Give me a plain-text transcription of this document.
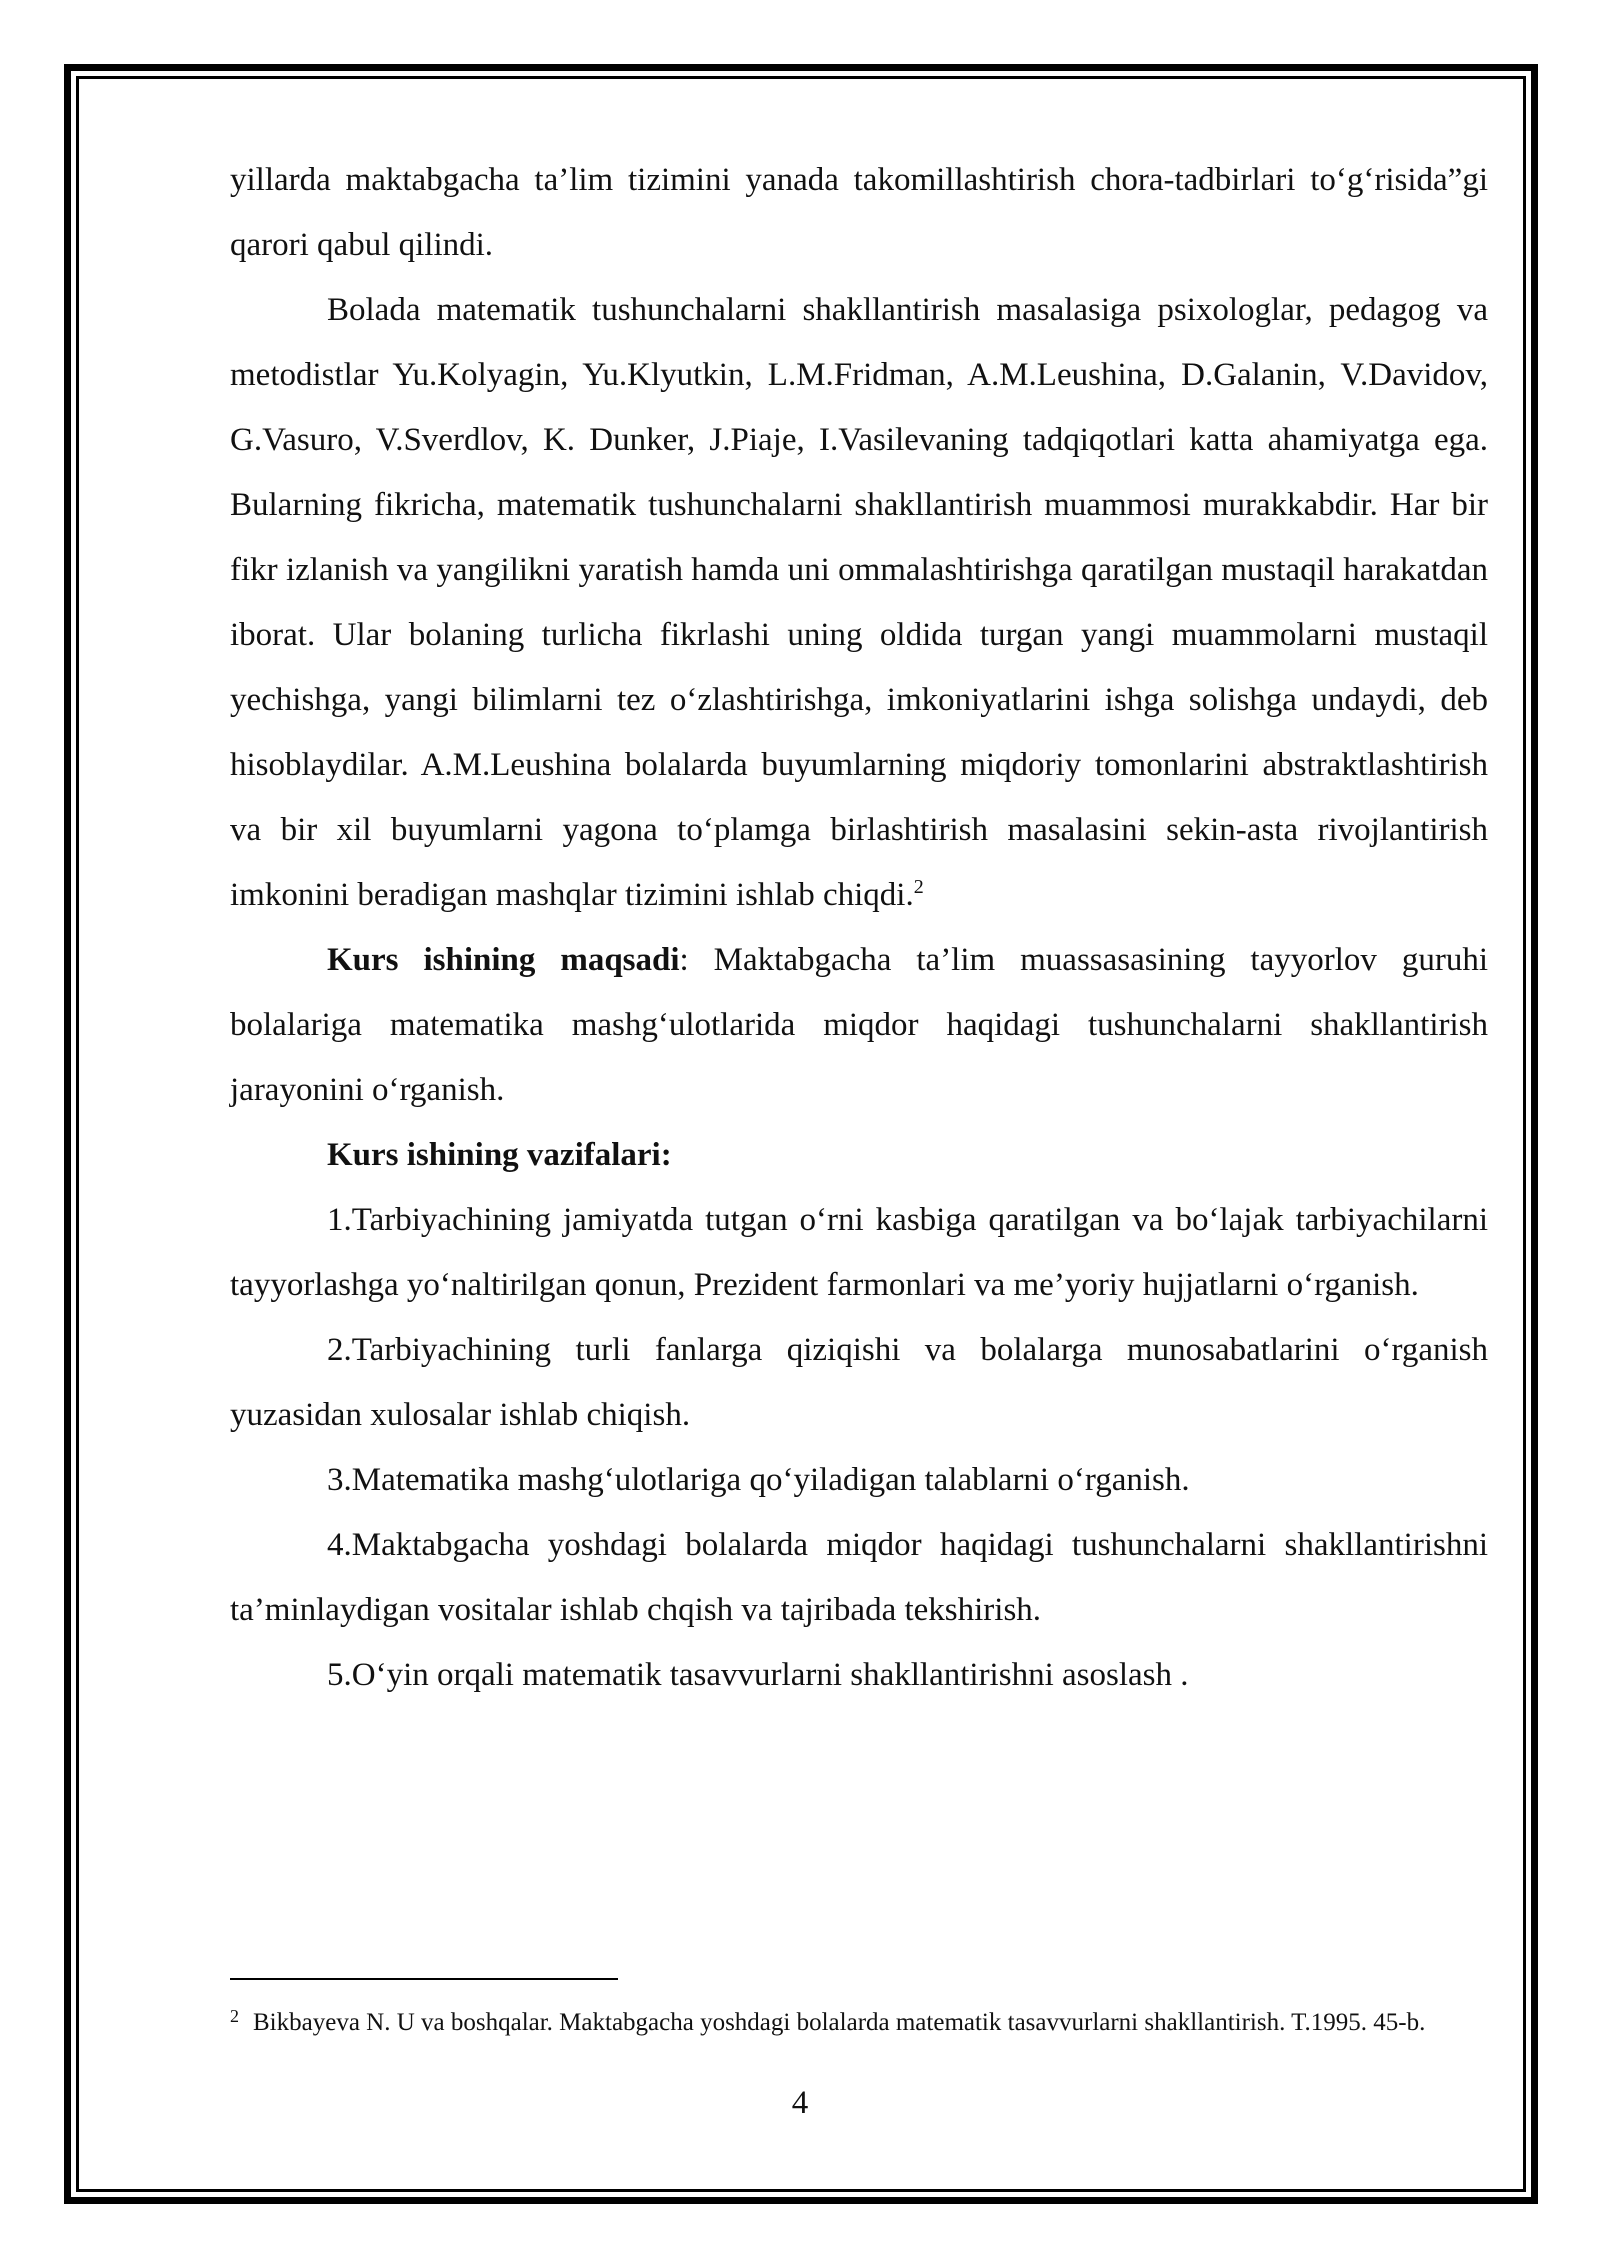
yillarda maktabgacha ta’lim tizimini yanada takomillashtirish chora-tadbirlari to‘g‘risida”gi qarori qabul qilindi.

Bolada matematik tushunchalarni shakllantirish masalasiga psixologlar, pedagog va metodistlar Yu.Kolyagin, Yu.Klyutkin, L.M.Fridman, A.M.Leushina, D.Galanin, V.Davidov, G.Vasuro, V.Sverdlov, K. Dunker, J.Piaje, I.Vasilevaning tadqiqotlari katta ahamiyatga ega. Bularning fikricha, matematik tushunchalarni shakllantirish muammosi murakkabdir. Har bir fikr izlanish va yangilikni yaratish hamda uni ommalashtirishga qaratilgan mustaqil harakatdan iborat. Ular bolaning turlicha fikrlashi uning oldida turgan yangi muammolarni mustaqil yechishga, yangi bilimlarni tez o‘zlashtirishga, imkoniyatlarini ishga solishga undaydi, deb hisoblaydilar. A.M.Leushina bolalarda buyumlarning miqdoriy tomonlarini abstraktlashtirish va bir xil buyumlarni yagona to‘plamga birlashtirish masalasini sekin-asta rivojlantirish imkonini beradigan mashqlar tizimini ishlab chiqdi.$^2$

Kurs ishining maqsadi: Maktabgacha ta’lim muassasasining tayyorlov guruhi bolalariga matematika mashg‘ulotlarida miqdor haqidagi tushunchalarni shakllantirish jarayonini o‘rganish.

Kurs ishining vazifalari:

1.Tarbiyachining jamiyatda tutgan o‘rni kasbiga qaratilgan va bo‘lajak tarbiyachilarni tayyorlashga yo‘naltirilgan qonun, Prezident farmonlari va me’yoriy hujjatlarni o‘rganish.

2.Tarbiyachining turli fanlarga qiziqishi va bolalarga munosabatlarini o‘rganish yuzasidan xulosalar ishlab chiqish.

3.Matematika mashg‘ulotlariga qo‘yiladigan talablarni o‘rganish.

4.Maktabgacha yoshdagi bolalarda miqdor haqidagi tushunchalarni shakllantirishni ta’minlaydigan vositalar ishlab chqish va tajribada tekshirish.

5.O‘yin orqali matematik tasavvurlarni shakllantirishni asoslash .

$^2$ Bikbayeva N. U va boshqalar. Maktabgacha yoshdagi bolalarda matematik tasavvurlarni shakllantirish. T.1995. 45-b.
4
